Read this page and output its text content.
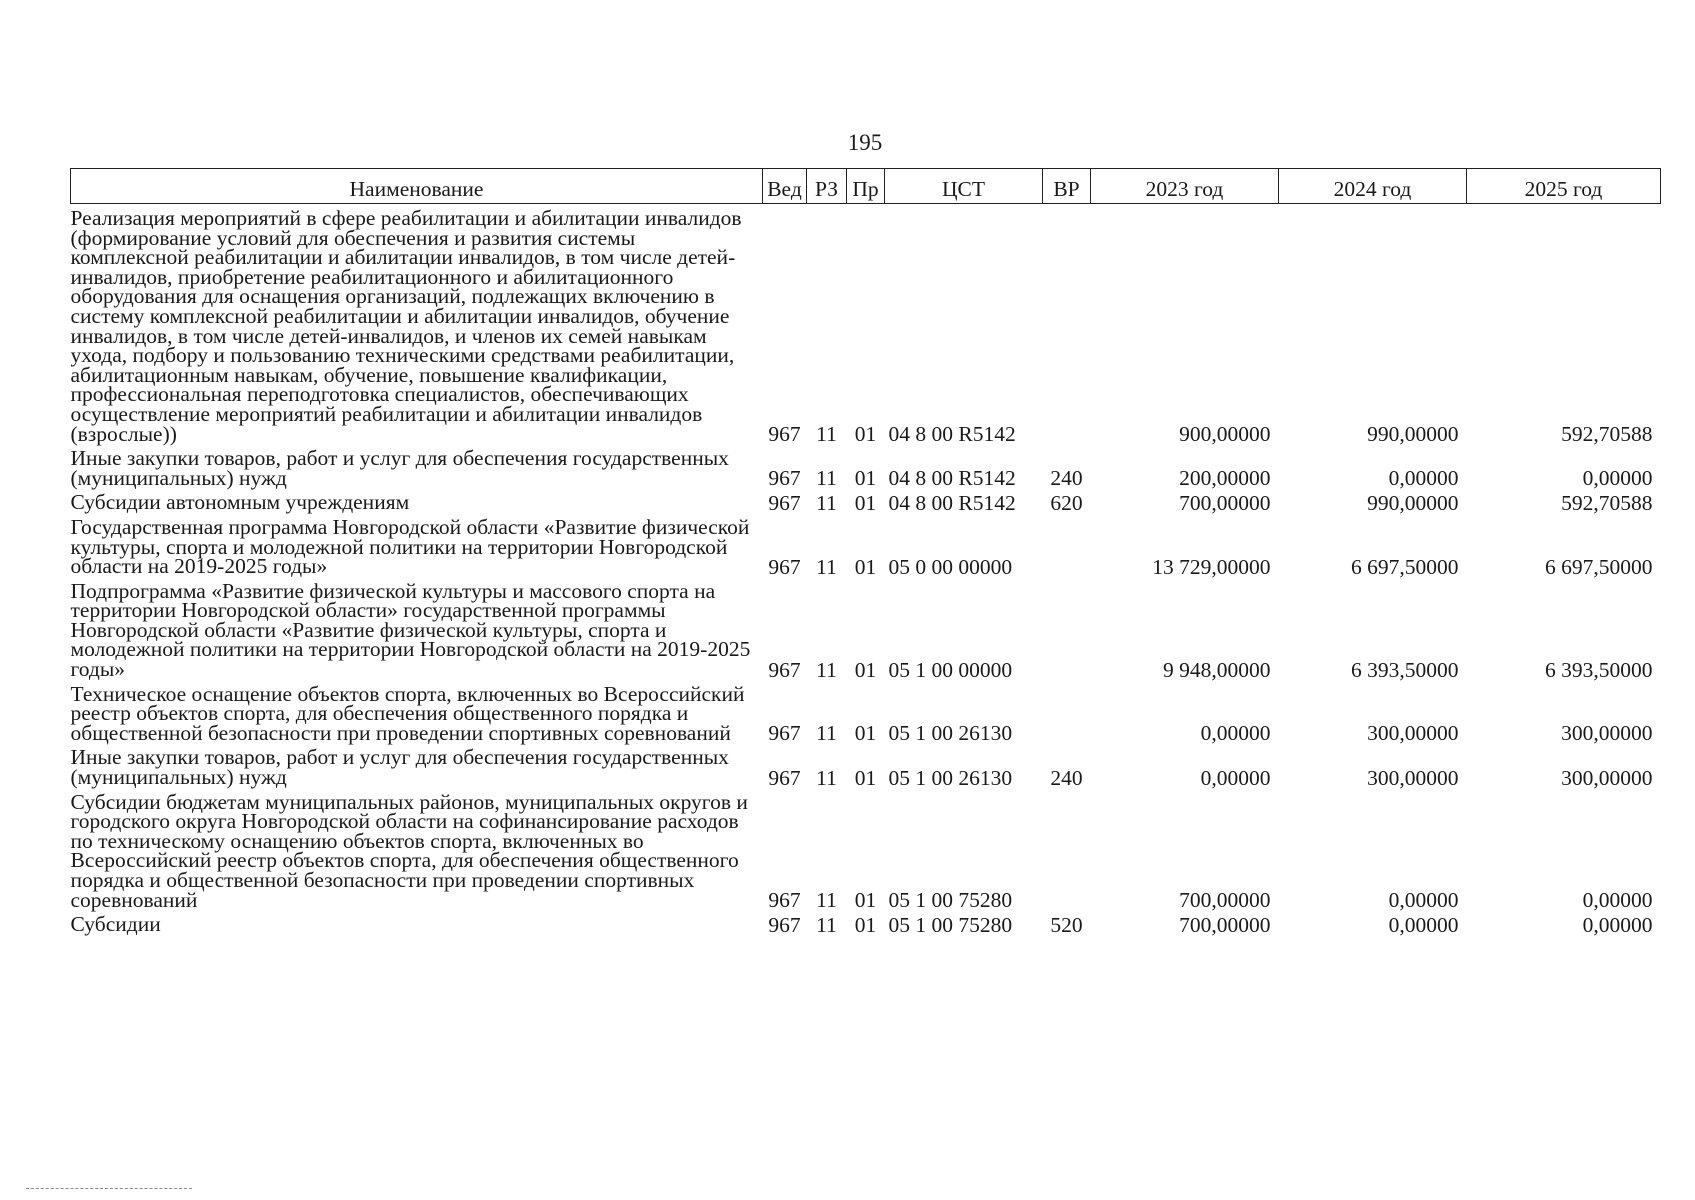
195
Наименование	Вед	РЗ	Пр	ЦСТ	ВР	2023 год	2024 год	2025 год
Реализация мероприятий в сфере реабилитации и абилитации инвалидов (формирование условий для обеспечения и развития системы комплексной реабилитации и абилитации инвалидов, в том числе детей-инвалидов, приобретение реабилитационного и абилитационного оборудования для оснащения организаций, подлежащих включению в систему комплексной реабилитации и абилитации инвалидов, обучение инвалидов, в том числе детей-инвалидов, и членов их семей навыкам ухода, подбору и пользованию техническими средствами реабилитации, абилитационным навыкам, обучение, повышение квалификации, профессиональная переподготовка специалистов, обеспечивающих осуществление мероприятий реабилитации и абилитации инвалидов (взрослые))	967	11	01	04 8 00 R5142		900,00000	990,00000	592,70588
Иные закупки товаров, работ и услуг для обеспечения государственных (муниципальных) нужд	967	11	01	04 8 00 R5142	240	200,00000	0,00000	0,00000
Субсидии автономным учреждениям	967	11	01	04 8 00 R5142	620	700,00000	990,00000	592,70588
Государственная программа Новгородской области «Развитие физической культуры, спорта и молодежной политики на территории Новгородской области на 2019-2025 годы»	967	11	01	05 0 00 00000		13 729,00000	6 697,50000	6 697,50000
Подпрограмма «Развитие физической культуры и массового спорта на территории Новгородской области» государственной программы Новгородской области «Развитие физической культуры, спорта и молодежной политики на территории Новгородской области на 2019-2025 годы»	967	11	01	05 1 00 00000		9 948,00000	6 393,50000	6 393,50000
Техническое оснащение объектов спорта, включенных во Всероссийский реестр объектов спорта, для обеспечения общественного порядка и общественной безопасности при проведении спортивных соревнований	967	11	01	05 1 00 26130		0,00000	300,00000	300,00000
Иные закупки товаров, работ и услуг для обеспечения государственных (муниципальных) нужд	967	11	01	05 1 00 26130	240	0,00000	300,00000	300,00000
Субсидии бюджетам муниципальных районов, муниципальных округов и городского округа Новгородской области на софинансирование расходов по техническому оснащению объектов спорта, включенных во Всероссийский реестр объектов спорта, для обеспечения общественного порядка и общественной безопасности при проведении спортивных соревнований	967	11	01	05 1 00 75280		700,00000	0,00000	0,00000
Субсидии	967	11	01	05 1 00 75280	520	700,00000	0,00000	0,00000
